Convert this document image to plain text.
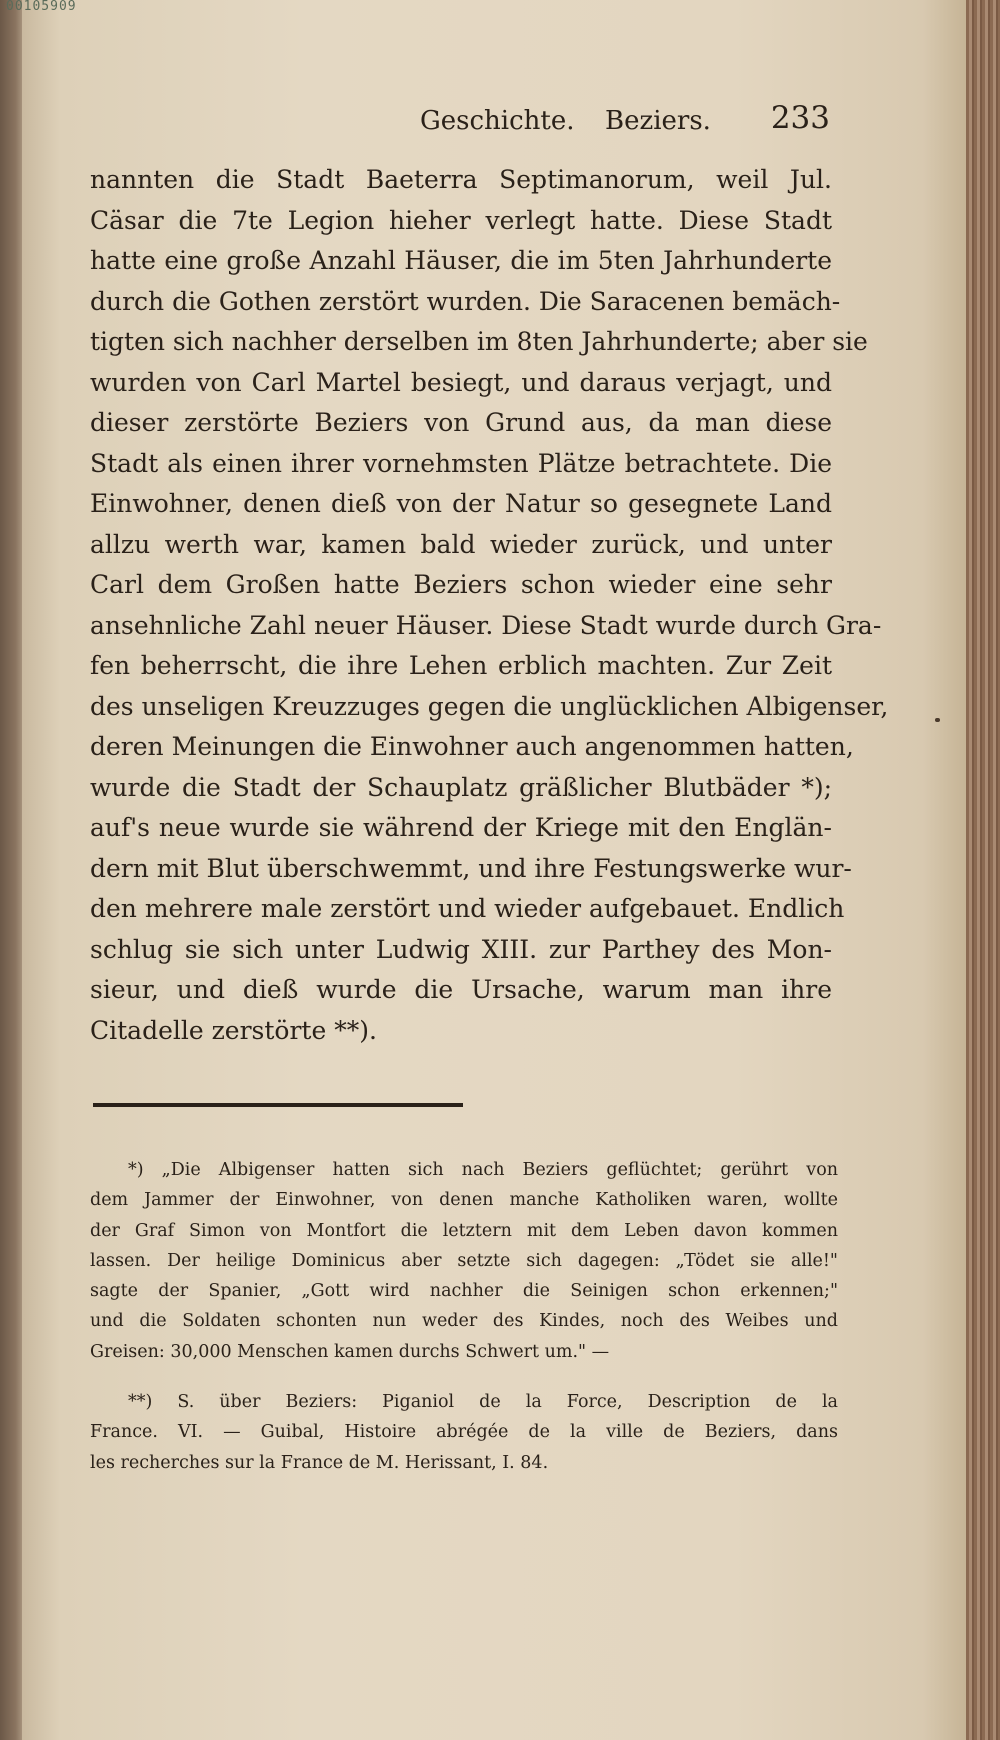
00105909
Geschichte. Beziers. 233
nannten die Stadt Baeterra Septimanorum, weil Jul.
Cäsar die 7te Legion hieher verlegt hatte. Diese Stadt
hatte eine große Anzahl Häuser, die im 5ten Jahrhunderte
durch die Gothen zerstört wurden. Die Saracenen bemäch-
tigten sich nachher derselben im 8ten Jahrhunderte; aber sie
wurden von Carl Martel besiegt, und daraus verjagt, und
dieser zerstörte Beziers von Grund aus, da man diese
Stadt als einen ihrer vornehmsten Plätze betrachtete. Die
Einwohner, denen dieß von der Natur so gesegnete Land
allzu werth war, kamen bald wieder zurück, und unter
Carl dem Großen hatte Beziers schon wieder eine sehr
ansehnliche Zahl neuer Häuser. Diese Stadt wurde durch Gra-
fen beherrscht, die ihre Lehen erblich machten. Zur Zeit
des unseligen Kreuzzuges gegen die unglücklichen Albigenser,
deren Meinungen die Einwohner auch angenommen hatten,
wurde die Stadt der Schauplatz gräßlicher Blutbäder *);
auf's neue wurde sie während der Kriege mit den Englän-
dern mit Blut überschwemmt, und ihre Festungswerke wur-
den mehrere male zerstört und wieder aufgebauet. Endlich
schlug sie sich unter Ludwig XIII. zur Parthey des Mon-
sieur, und dieß wurde die Ursache, warum man ihre
Citadelle zerstörte **).
*) „Die Albigenser hatten sich nach Beziers geflüchtet; gerührt von
dem Jammer der Einwohner, von denen manche Katholiken waren, wollte
der Graf Simon von Montfort die letztern mit dem Leben davon kommen
lassen. Der heilige Dominicus aber setzte sich dagegen: „Tödet sie alle!"
sagte der Spanier, „Gott wird nachher die Seinigen schon erkennen;"
und die Soldaten schonten nun weder des Kindes, noch des Weibes und
Greisen: 30,000 Menschen kamen durchs Schwert um." —
**) S. über Beziers: Piganiol de la Force, Description de la
France. VI. — Guibal, Histoire abrégée de la ville de Beziers, dans
les recherches sur la France de M. Herissant, I. 84.
